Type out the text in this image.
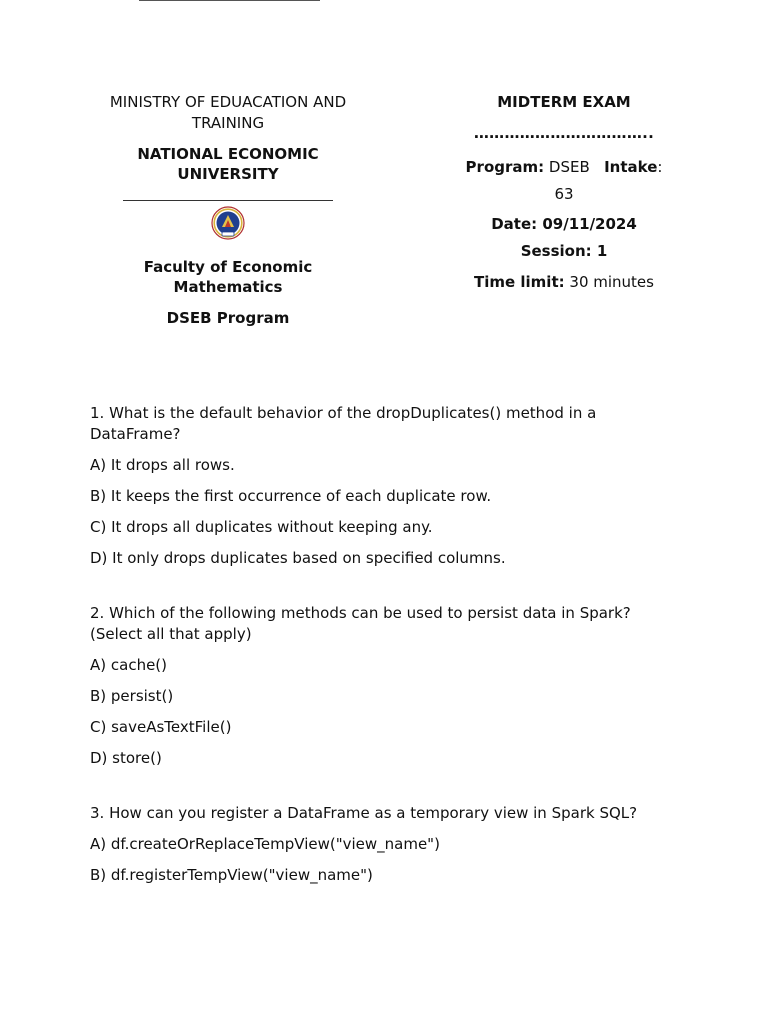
MINISTRY OF EDUACATION AND TRAINING

NATIONAL ECONOMIC UNIVERSITY

Faculty of Economic Mathematics

DSEB Program

MIDTERM EXAM

……………………………..

Program: DSEB Intake: 63

Date: 09/11/2024
Session: 1

Time limit: 30 minutes

1. What is the default behavior of the dropDuplicates() method in a DataFrame?

A) It drops all rows.

B) It keeps the first occurrence of each duplicate row.

C) It drops all duplicates without keeping any.

D) It only drops duplicates based on specified columns.

2. Which of the following methods can be used to persist data in Spark? (Select all that apply)

A) cache()

B) persist()

C) saveAsTextFile()

D) store()

3. How can you register a DataFrame as a temporary view in Spark SQL?

A) df.createOrReplaceTempView("view_name")

B) df.registerTempView("view_name")
